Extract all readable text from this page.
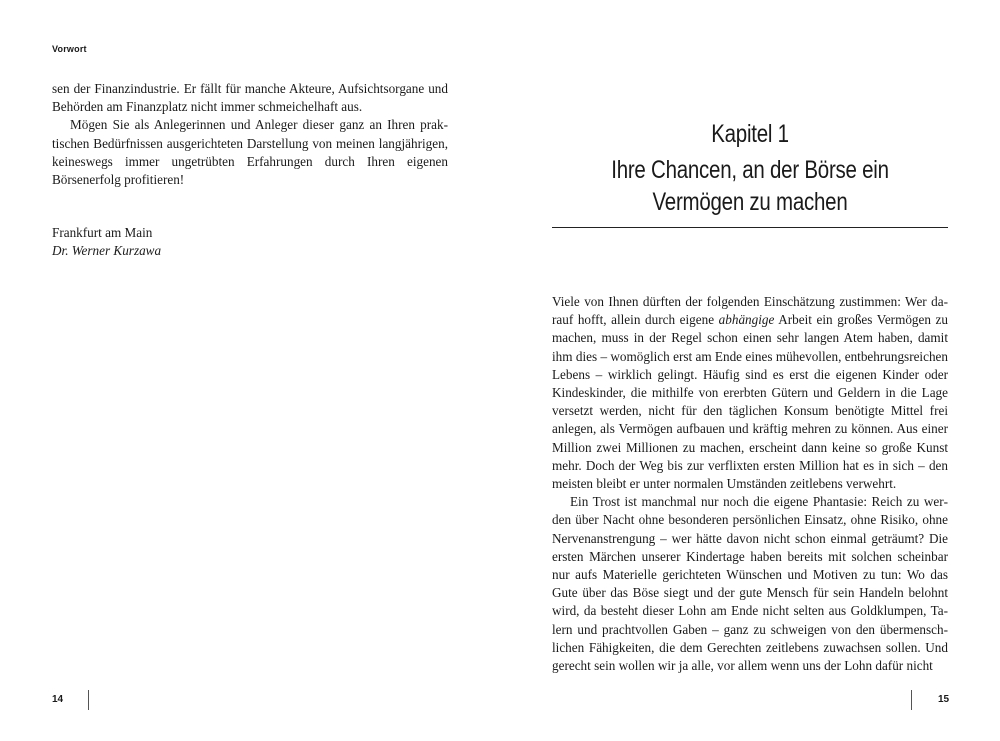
Vorwort

sen der Finanzindustrie. Er fällt für manche Akteure, Aufsichtsorgane und Behörden am Finanzplatz nicht immer schmeichelhaft aus.

Mögen Sie als Anlegerinnen und Anleger dieser ganz an Ihren praktischen Bedürfnissen ausgerichteten Darstellung von meinen langjährigen, keineswegs immer ungetrübten Erfahrungen durch Ihren eigenen Börsenerfolg profitieren!

Frankfurt am Main
Dr. Werner Kurzawa
14
Kapitel 1
Ihre Chancen, an der Börse ein
Vermögen zu machen

Viele von Ihnen dürften der folgenden Einschätzung zustimmen: Wer darauf hofft, allein durch eigene abhängige Arbeit ein großes Vermögen zu machen, muss in der Regel schon einen sehr langen Atem haben, damit ihm dies – womöglich erst am Ende eines mühevollen, entbehrungsreichen Lebens – wirklich gelingt. Häufig sind es erst die eigenen Kinder oder Kindeskinder, die mithilfe von ererbten Gütern und Geldern in die Lage versetzt werden, nicht für den täglichen Konsum benötigte Mittel frei anlegen, als Vermögen aufbauen und kräftig mehren zu können. Aus einer Million zwei Millionen zu machen, erscheint dann keine so große Kunst mehr. Doch der Weg bis zur verflixten ersten Million hat es in sich – den meisten bleibt er unter normalen Umständen zeitlebens verwehrt.

Ein Trost ist manchmal nur noch die eigene Phantasie: Reich zu werden über Nacht ohne besonderen persönlichen Einsatz, ohne Risiko, ohne Nervenanstrengung – wer hätte davon nicht schon einmal geträumt? Die ersten Märchen unserer Kindertage haben bereits mit solchen scheinbar nur aufs Materielle gerichteten Wünschen und Motiven zu tun: Wo das Gute über das Böse siegt und der gute Mensch für sein Handeln belohnt wird, da besteht dieser Lohn am Ende nicht selten aus Goldklumpen, Talern und prachtvollen Gaben – ganz zu schweigen von den übermenschlichen Fähigkeiten, die dem Gerechten zeitlebens zuwachsen sollen. Und gerecht sein wollen wir ja alle, vor allem wenn uns der Lohn dafür nicht

15
